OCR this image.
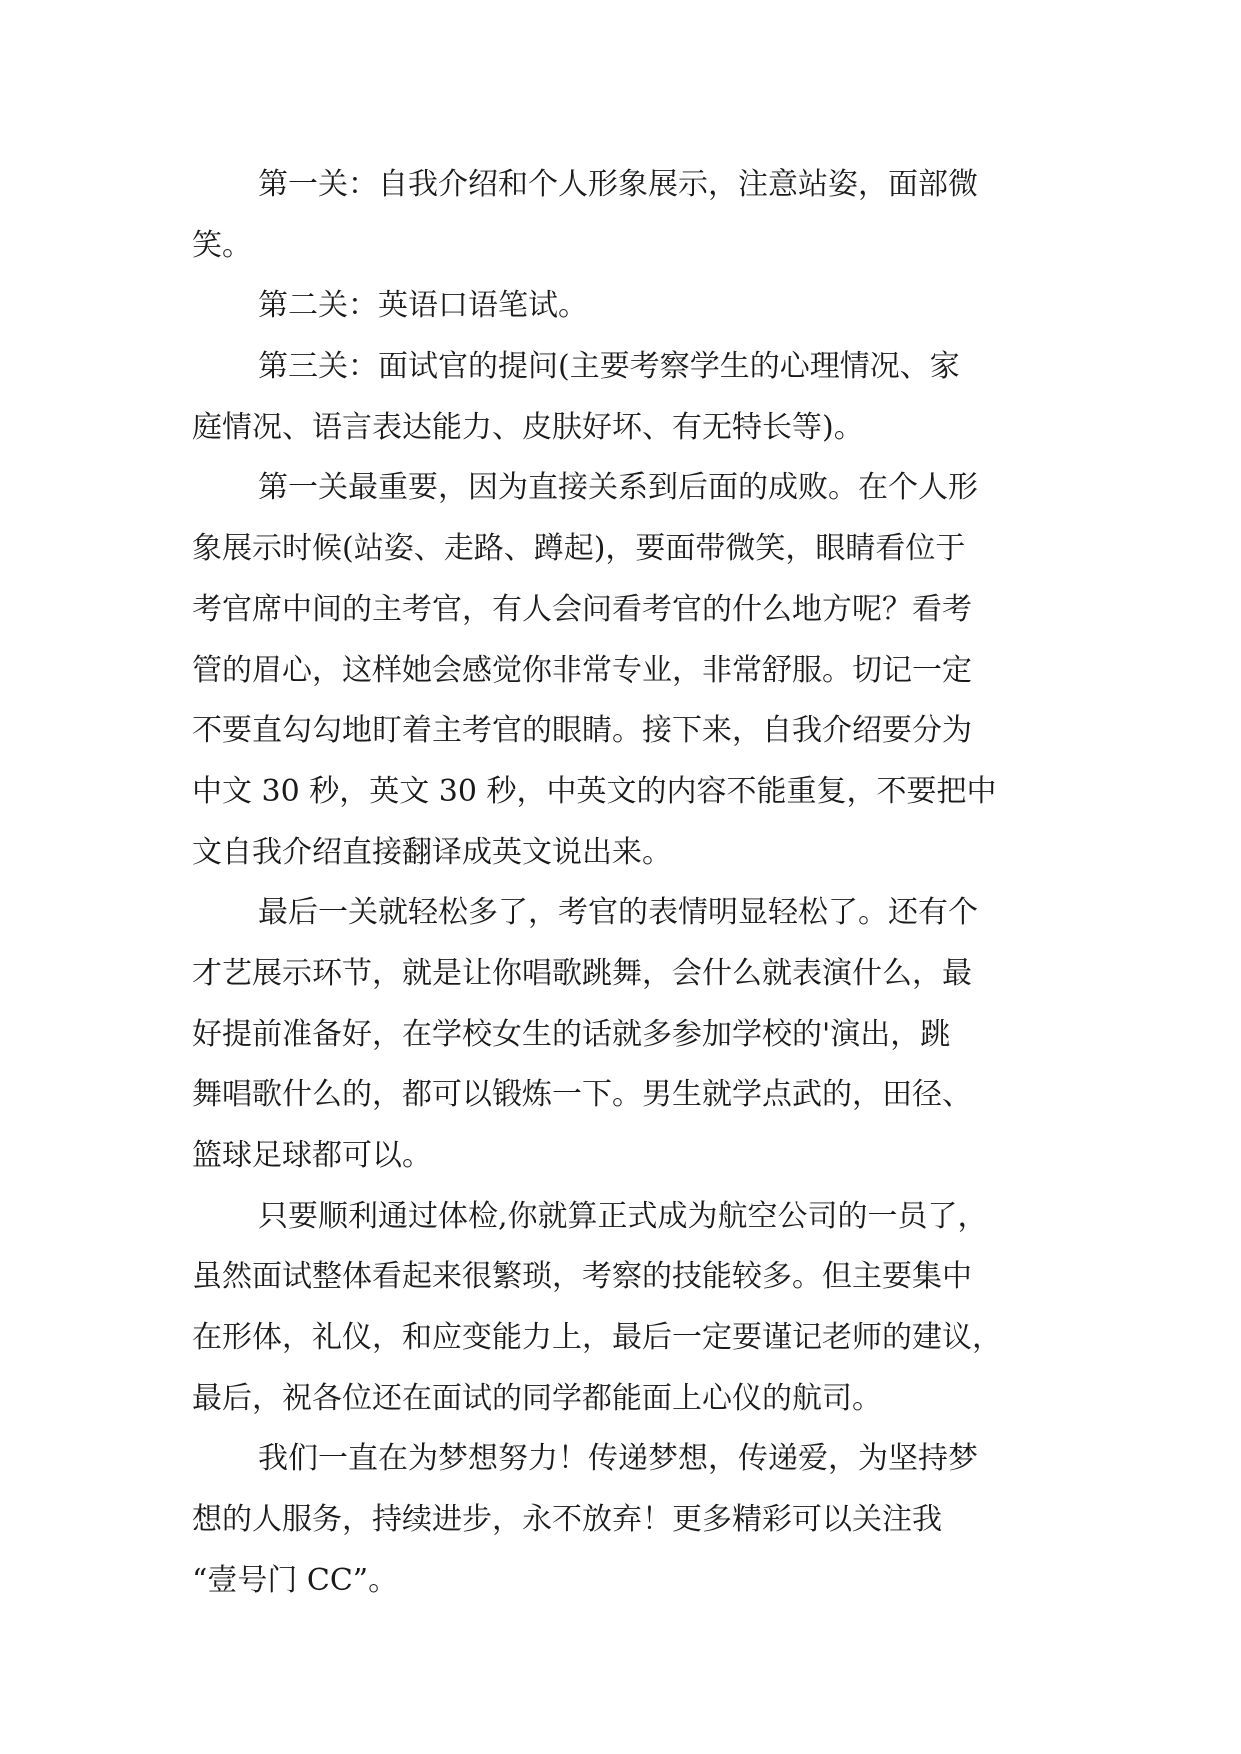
第一关：自我介绍和个人形象展示，注意站姿，面部微
笑。
第二关：英语口语笔试。
第三关：面试官的提问(主要考察学生的心理情况、家
庭情况、语言表达能力、皮肤好坏、有无特长等)。
第一关最重要，因为直接关系到后面的成败。在个人形
象展示时候(站姿、走路、蹲起)，要面带微笑，眼睛看位于
考官席中间的主考官，有人会问看考官的什么地方呢？看考
管的眉心，这样她会感觉你非常专业，非常舒服。切记一定
不要直勾勾地盯着主考官的眼睛。接下来，自我介绍要分为
中文 30 秒，英文 30 秒，中英文的内容不能重复，不要把中
文自我介绍直接翻译成英文说出来。
最后一关就轻松多了，考官的表情明显轻松了。还有个
才艺展示环节，就是让你唱歌跳舞，会什么就表演什么，最
好提前准备好，在学校女生的话就多参加学校的'演出，跳
舞唱歌什么的，都可以锻炼一下。男生就学点武的，田径、
篮球足球都可以。
只要顺利通过体检,你就算正式成为航空公司的一员了，
虽然面试整体看起来很繁琐，考察的技能较多。但主要集中
在形体，礼仪，和应变能力上，最后一定要谨记老师的建议，
最后，祝各位还在面试的同学都能面上心仪的航司。
我们一直在为梦想努力！传递梦想，传递爱，为坚持梦
想的人服务，持续进步，永不放弃！更多精彩可以关注我
“壹号门 CC”。
